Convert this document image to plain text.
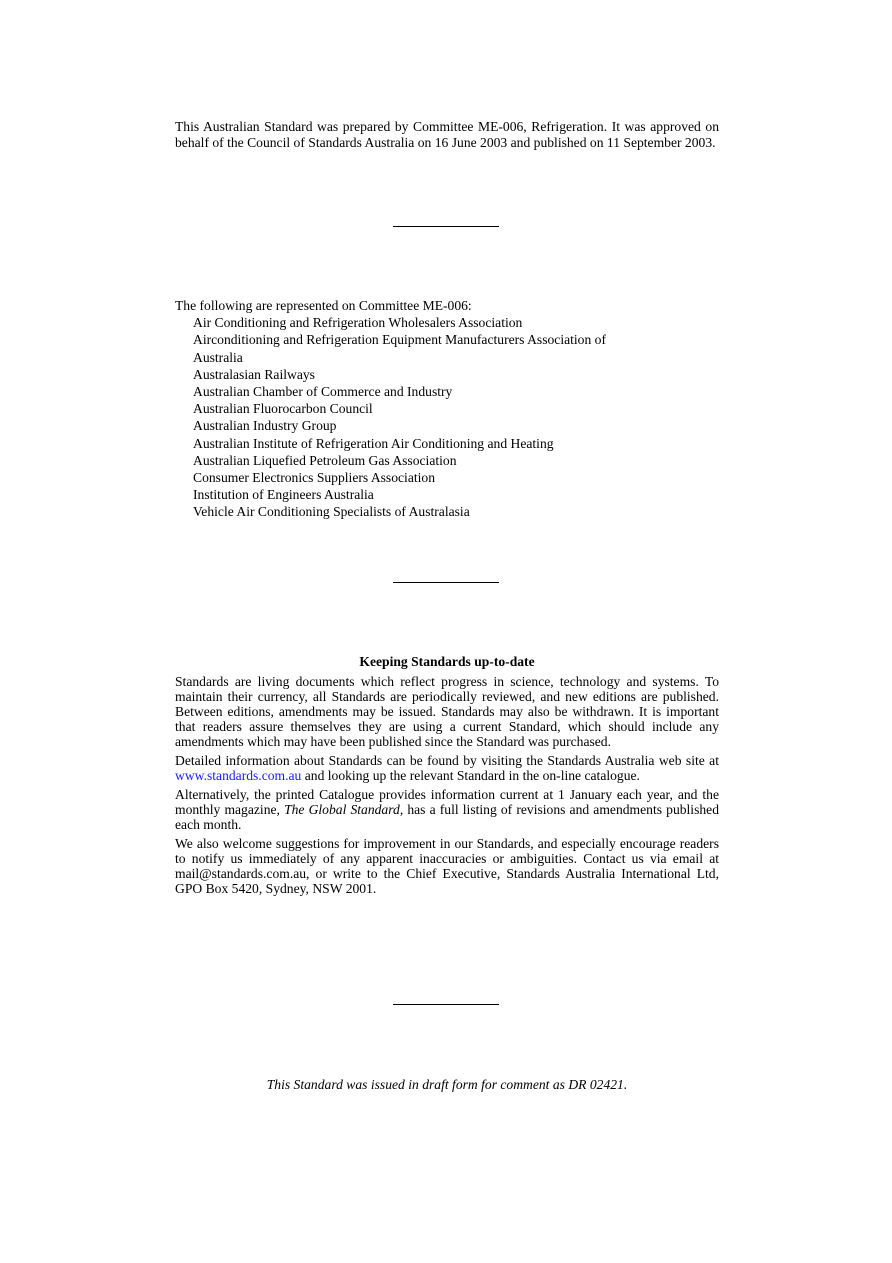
This Australian Standard was prepared by Committee ME-006, Refrigeration. It was approved on behalf of the Council of Standards Australia on 16 June 2003 and published on 11 September 2003.
The following are represented on Committee ME-006:
Air Conditioning and Refrigeration Wholesalers Association
Airconditioning and Refrigeration Equipment Manufacturers Association of
Australia
Australasian Railways
Australian Chamber of Commerce and Industry
Australian Fluorocarbon Council
Australian Industry Group
Australian Institute of Refrigeration Air Conditioning and Heating
Australian Liquefied Petroleum Gas Association
Consumer Electronics Suppliers Association
Institution of Engineers Australia
Vehicle Air Conditioning Specialists of Australasia
Keeping Standards up-to-date

Standards are living documents which reflect progress in science, technology and systems. To maintain their currency, all Standards are periodically reviewed, and new editions are published. Between editions, amendments may be issued. Standards may also be withdrawn. It is important that readers assure themselves they are using a current Standard, which should include any amendments which may have been published since the Standard was purchased.

Detailed information about Standards can be found by visiting the Standards Australia web site at www.standards.com.au and looking up the relevant Standard in the on-line catalogue.

Alternatively, the printed Catalogue provides information current at 1 January each year, and the monthly magazine, The Global Standard, has a full listing of revisions and amendments published each month.

We also welcome suggestions for improvement in our Standards, and especially encourage readers to notify us immediately of any apparent inaccuracies or ambiguities. Contact us via email at mail@standards.com.au, or write to the Chief Executive, Standards Australia International Ltd, GPO Box 5420, Sydney, NSW 2001.

This Standard was issued in draft form for comment as DR 02421.
